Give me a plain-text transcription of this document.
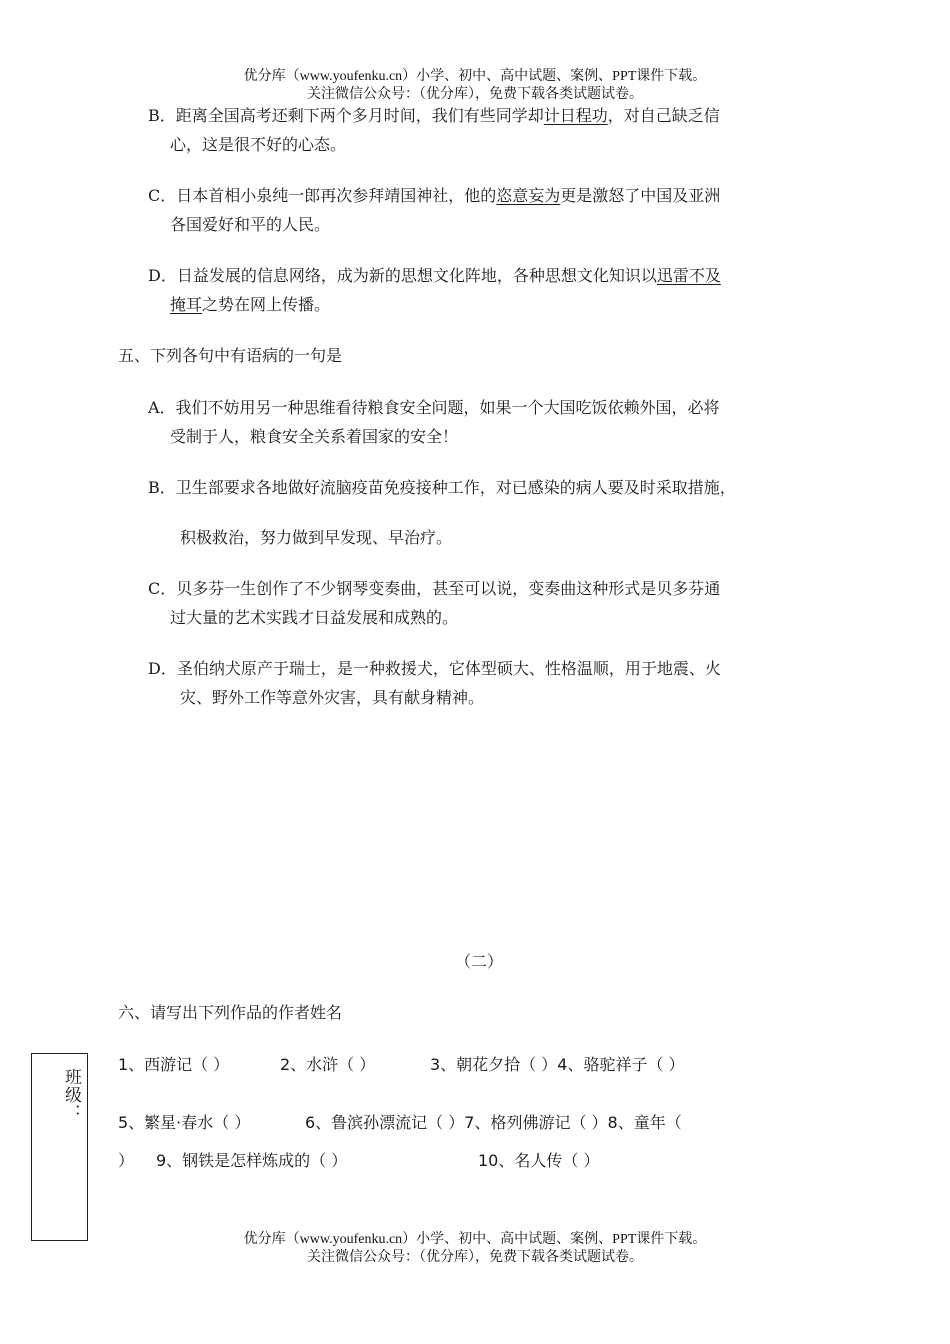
优分库（www.youfenku.cn）小学、初中、高中试题、案例、PPT课件下载。
关注微信公众号：（优分库），免费下载各类试题试卷。
B．距离全国高考还剩下两个多月时间，我们有些同学却计日程功，对自己缺乏信
心，这是很不好的心态。
C．日本首相小泉纯一郎再次参拜靖国神社，他的恣意妄为更是激怒了中国及亚洲
各国爱好和平的人民。
D．日益发展的信息网络，成为新的思想文化阵地，各种思想文化知识以迅雷不及
掩耳之势在网上传播。
五、下列各句中有语病的一句是
A．我们不妨用另一种思维看待粮食安全问题，如果一个大国吃饭依赖外国，必将
受制于人，粮食安全关系着国家的安全！
B．卫生部要求各地做好流脑疫苗免疫接种工作，对已感染的病人要及时采取措施，
积极救治，努力做到早发现、早治疗。
C．贝多芬一生创作了不少钢琴变奏曲，甚至可以说，变奏曲这种形式是贝多芬通
过大量的艺术实践才日益发展和成熟的。
D．圣伯纳犬原产于瑞士，是一种救援犬，它体型硕大、性格温顺，用于地震、火
灾、野外工作等意外灾害，具有献身精神。
（二）
六、请写出下列作品的作者姓名
1、西游记（ ）	2、水浒（ ）	3、朝花夕拾（ ）4、骆驼祥子（ ）
5、繁星·春水（ ）	6、鲁滨孙漂流记（ ）7、格列佛游记（ ）8、童年（
） 9、钢铁是怎样炼成的（ ）	10、名人传（ ）
班级：
优分库（www.youfenku.cn）小学、初中、高中试题、案例、PPT课件下载。
关注微信公众号：（优分库），免费下载各类试题试卷。
